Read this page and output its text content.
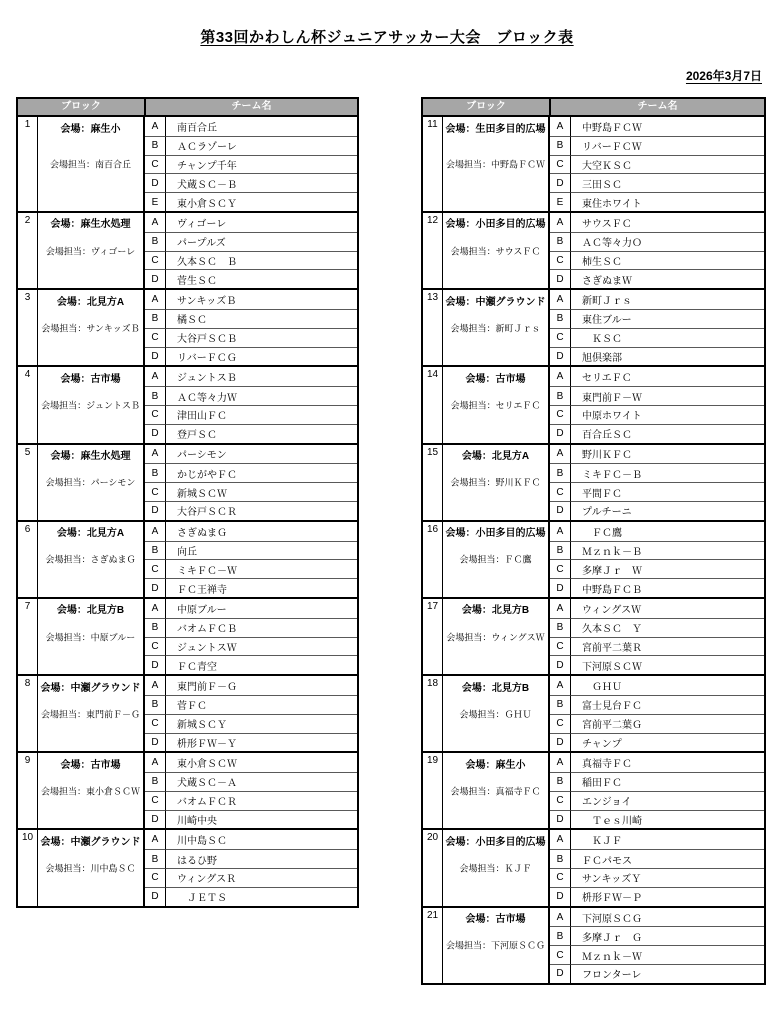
第33回かわしん杯ジュニアサッカー大会　ブロック表
2026年3月7日
ブロック	チーム名
1	会場：麻生小
会場担当：南百合丘
A	南百合丘
B	ＡＣラゾーレ
C	チャンプ千年
D	犬蔵ＳＣ－Ｂ
E	東小倉ＳＣＹ
2	会場：麻生水処理
会場担当：ヴィゴーレ
A	ヴィゴーレ
B	パープルズ
C	久本ＳＣ　Ｂ
D	菅生ＳＣ
3	会場：北見方A
会場担当：サンキッズＢ
A	サンキッズＢ
B	橘ＳＣ
C	大谷戸ＳＣＢ
D	リバーＦＣＧ
4	会場：古市場
会場担当：ジュントスＢ
A	ジュントスＢ
B	ＡＣ等々力Ｗ
C	津田山ＦＣ
D	登戸ＳＣ
5	会場：麻生水処理
会場担当：パーシモン
A	パーシモン
B	かじがやＦＣ
C	新城ＳＣＷ
D	大谷戸ＳＣＲ
6	会場：北見方A
会場担当：さぎぬまＧ
A	さぎぬまＧ
B	向丘
C	ミキＦＣ－Ｗ
D	ＦＣ王禅寺
7	会場：北見方B
会場担当：中原ブルー
A	中原ブルー
B	バオムＦＣＢ
C	ジュントスＷ
D	ＦＣ青空
8	会場：中瀬グラウンド
会場担当：東門前Ｆ－Ｇ
A	東門前Ｆ－Ｇ
B	菅ＦＣ
C	新城ＳＣＹ
D	枡形ＦＷ－Ｙ
9	会場：古市場
会場担当：東小倉ＳＣＷ
A	東小倉ＳＣＷ
B	犬蔵ＳＣ－Ａ
C	バオムＦＣＲ
D	川崎中央
10 会場：中瀬グラウンド
会場担当：川中島ＳＣ
A	川中島ＳＣ
B	はるひ野
C	ウィングスＲ
D	　ＪＥＴＳ
ブロック	チーム名
11 会場：生田多目的広場
会場担当：中野島ＦＣＷ
A	中野島ＦＣＷ
B	リバーＦＣＷ
C	大空ＫＳＣ
D	三田ＳＣ
E	東住ホワイト
12 会場：小田多目的広場
会場担当：サウスＦＣ
A	サウスＦＣ
B	ＡＣ等々力Ｏ
C	柿生ＳＣ
D	さぎぬまＷ
13 会場：中瀬グラウンド
会場担当：新町Ｊｒｓ
A	新町Ｊｒｓ
B	東住ブルー
C	　ＫＳＣ
D	旭倶楽部
14	会場：古市場
会場担当：セリエＦＣ
A	セリエＦＣ
B	東門前Ｆ－Ｗ
C	中原ホワイト
D	百合丘ＳＣ
15	会場：北見方A
会場担当：野川ＫＦＣ
A	野川ＫＦＣ
B	ミキＦＣ－Ｂ
C	平間ＦＣ
D	プルチーニ
16 会場：小田多目的広場
会場担当：ＦＣ鷹
A	　ＦＣ鷹
B	Ｍｚｎｋ－Ｂ
C	多摩Ｊｒ　Ｗ
D	中野島ＦＣＢ
17	会場：北見方B
会場担当：ウィングスＷ
A	ウィングスＷ
B	久本ＳＣ　Ｙ
C	宮前平二葉Ｒ
D	下河原ＳＣＷ
18	会場：北見方B
会場担当：ＧＨＵ
A	　ＧＨＵ
B	富士見台ＦＣ
C	宮前平二葉Ｇ
D	チャンプ
19	会場：麻生小
会場担当：真福寺ＦＣ
A	真福寺ＦＣ
B	稲田ＦＣ
C	エンジョイ
D	　Ｔｅｓ川崎
20 会場：小田多目的広場
会場担当：ＫＪＦ
A	　ＫＪＦ
B	ＦＣパモス
C	サンキッズＹ
D	枡形ＦＷ－Ｐ
21	会場：古市場
会場担当：下河原ＳＣＧ
A	下河原ＳＣＧ
B	多摩Ｊｒ　Ｇ
C	Ｍｚｎｋ－Ｗ
D	フロンターレ
